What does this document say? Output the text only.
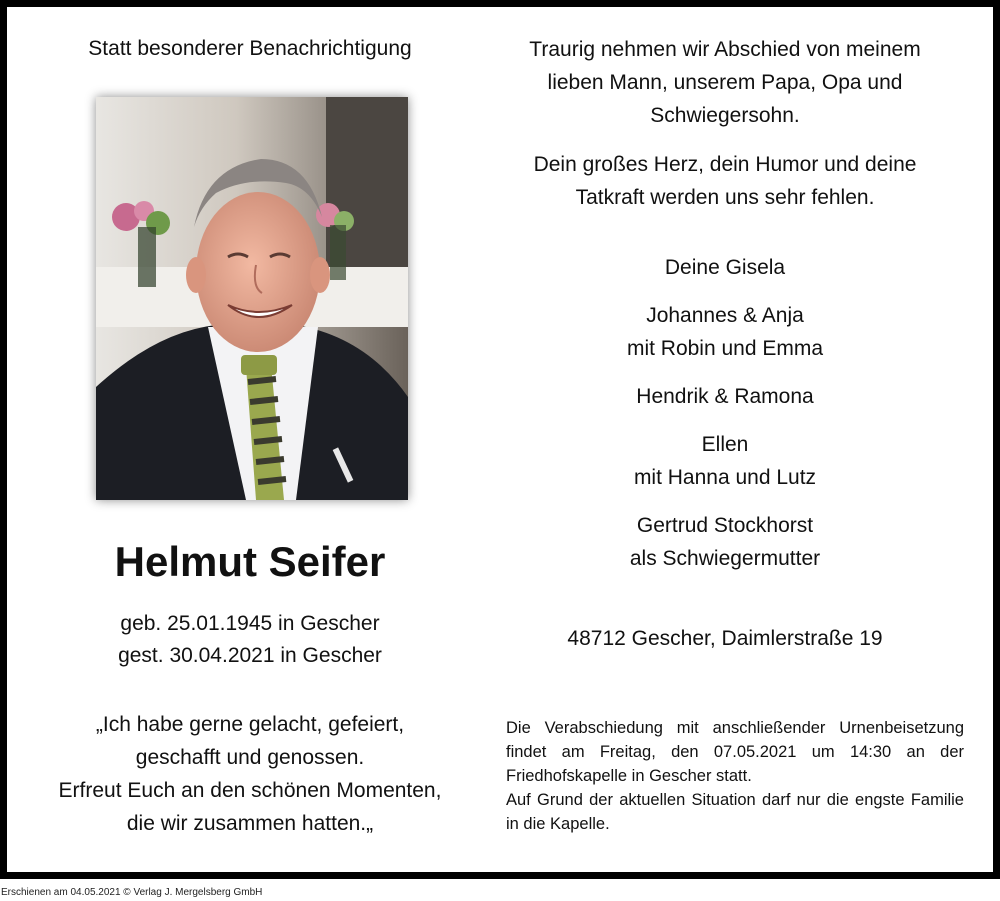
Statt besonderer Benachrichtigung
Helmut Seifer
geb. 25.01.1945 in Gescher
gest. 30.04.2021 in Gescher
„Ich habe gerne gelacht, gefeiert,
geschafft und genossen.
Erfreut Euch an den schönen Momenten,
die wir zusammen hatten.„
Traurig nehmen wir Abschied von meinem
lieben Mann, unserem Papa, Opa und
Schwiegersohn.
Dein großes Herz, dein Humor und deine
Tatkraft werden uns sehr fehlen.
Deine Gisela
Johannes & Anja
mit Robin und Emma
Hendrik & Ramona
Ellen
mit Hanna und Lutz
Gertrud Stockhorst
als Schwiegermutter
48712 Gescher, Daimlerstraße 19

Die Verabschiedung mit anschließender Urnenbeisetzung findet am Freitag, den 07.05.2021 um 14:30 an der Friedhofskapelle in Gescher statt.

Auf Grund der aktuellen Situation darf nur die engste Familie in die Kapelle.

Erschienen am 04.05.2021 © Verlag J. Mergelsberg GmbH
